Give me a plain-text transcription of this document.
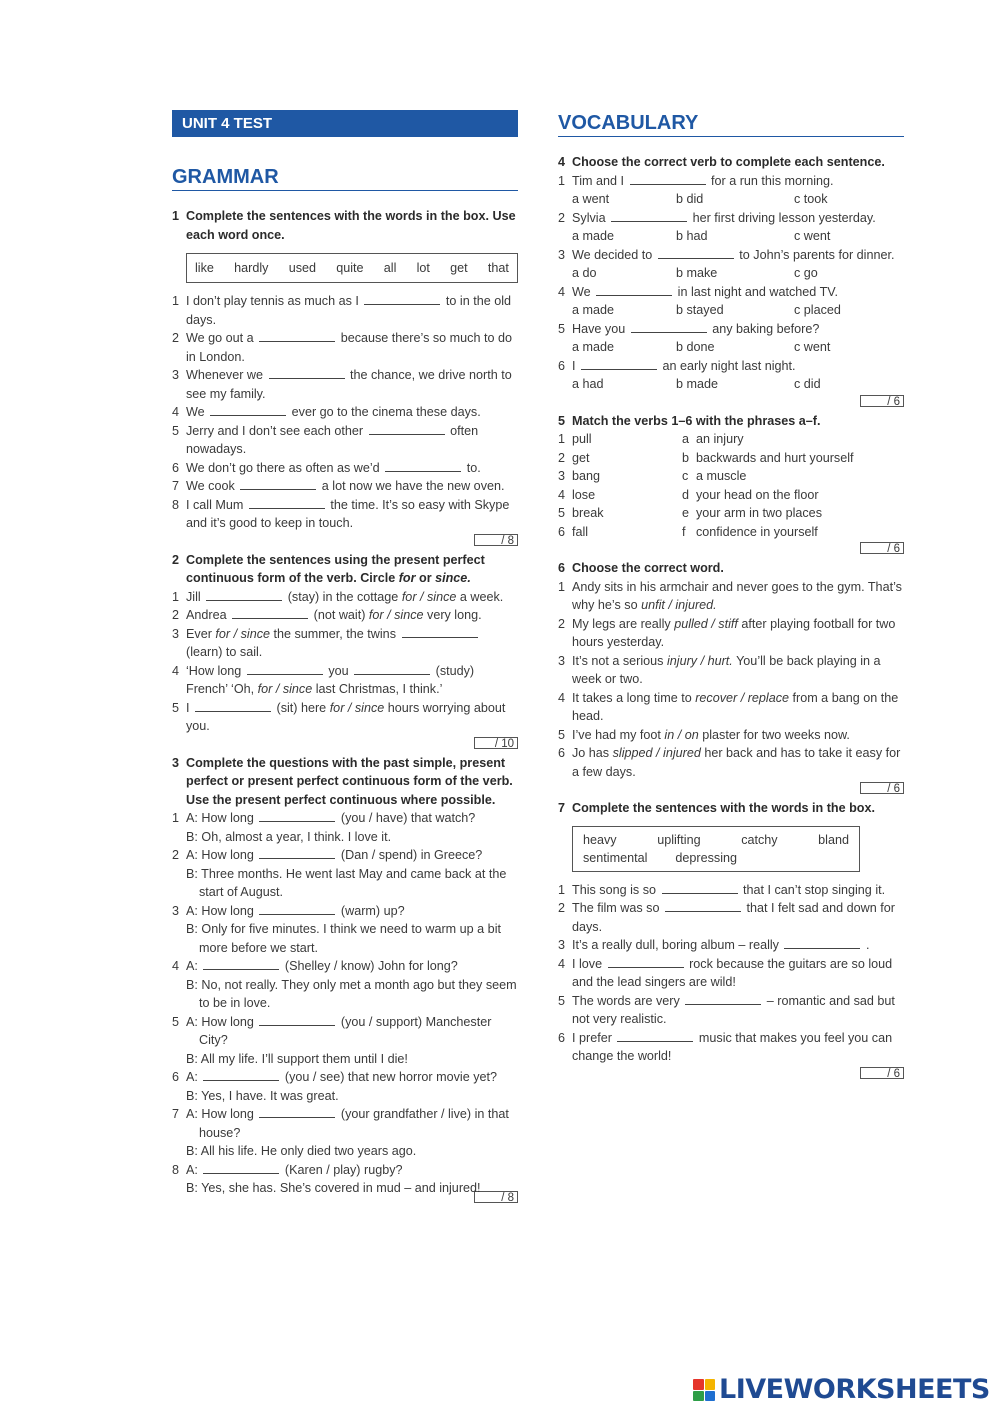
UNIT 4 TEST
GRAMMAR
1 Complete the sentences with the words in the box. Use each word once.
like hardly used quite all lot get that
1 I don’t play tennis as much as I	to in the old days.
2 We go out a	because there’s so much to do in London.
3 Whenever we	the chance, we drive north to see my family.
4 We	ever go to the cinema these days.
5 Jerry and I don’t see each other	often nowadays.
6 We don’t go there as often as we’d	to.
7 We cook	a lot now we have the new oven.
8 I call Mum	the time. It’s so easy with Skype and it’s good to keep in touch.
/ 8
2 Complete the sentences using the present perfect continuous form of the verb. Circle for or since.
1 Jill	(stay) in the cottage for / since a week.
2 Andrea	(not wait) for / since very long.
3 Ever for / since the summer, the twins  (learn) to sail.
4 ‘How long	you	(study) French’ ‘Oh, for / since last Christmas, I think.’
5 I	(sit) here for / since hours worrying about you.
/ 10
3 Complete the questions with the past simple, present perfect or present perfect continuous form of the verb. Use the present perfect continuous where possible.
1 A: How long	(you / have) that watch?
B: Oh, almost a year, I think. I love it.
2 A: How long	(Dan / spend) in Greece?
B: Three months. He went last May and came back at the start of August.
3 A: How long	(warm) up?
B: Only for five minutes. I think we need to warm up a bit more before we start.
4 A:	(Shelley / know) John for long?
B: No, not really. They only met a month ago but they seem to be in love.
5 A: How long	(you / support) Manchester City?
B: All my life. I’ll support them until I die!
6 A:	(you / see) that new horror movie yet?
B: Yes, I have. It was great.
7 A: How long	(your grandfather / live) in that house?
B: All his life. He only died two years ago.
8 A:	(Karen / play) rugby?
B: Yes, she has. She’s covered in mud – and injured!
/ 8
VOCABULARY
4 Choose the correct verb to complete each sentence.
1 Tim and I	for a run this morning.
a went	b did	c took
2 Sylvia	her first driving lesson yesterday.
a made	b had	c went
3 We decided to	to John’s parents for dinner.
a do	b make	c go
4 We	in last night and watched TV.
a made	b stayed	c placed
5 Have you	any baking before?
a made	b done	c went
6 I	an early night last night.
a had	b made	c did
/ 6
5 Match the verbs 1–6 with the phrases a–f.
1 pull	a an injury
2 get	b backwards and hurt yourself
3 bang	c a muscle
4 lose	d your head on the floor
5 break	e your arm in two places
6 fall	f confidence in yourself
/ 6
6 Choose the correct word.
1 Andy sits in his armchair and never goes to the gym. That’s why he’s so unfit / injured.
2 My legs are really pulled / stiff after playing football for two hours yesterday.
3 It’s not a serious injury / hurt. You’ll be back playing in a week or two.
4 It takes a long time to recover / replace from a bang on the head.
5 I’ve had my foot in / on plaster for two weeks now.
6 Jo has slipped / injured her back and has to take it easy for a few days.
/ 6
7 Complete the sentences with the words in the box.
heavy	uplifting	catchy	bland
sentimental depressing
1 This song is so	that I can’t stop singing it.
2 The film was so	that I felt sad and down for days.
3 It’s a really dull, boring album – really	.
4 I love	rock because the guitars are so loud and the lead singers are wild!
5 The words are very	– romantic and sad but not very realistic.
6 I prefer	music that makes you feel you can change the world!
/ 6
LIVEWORKSHEETS
